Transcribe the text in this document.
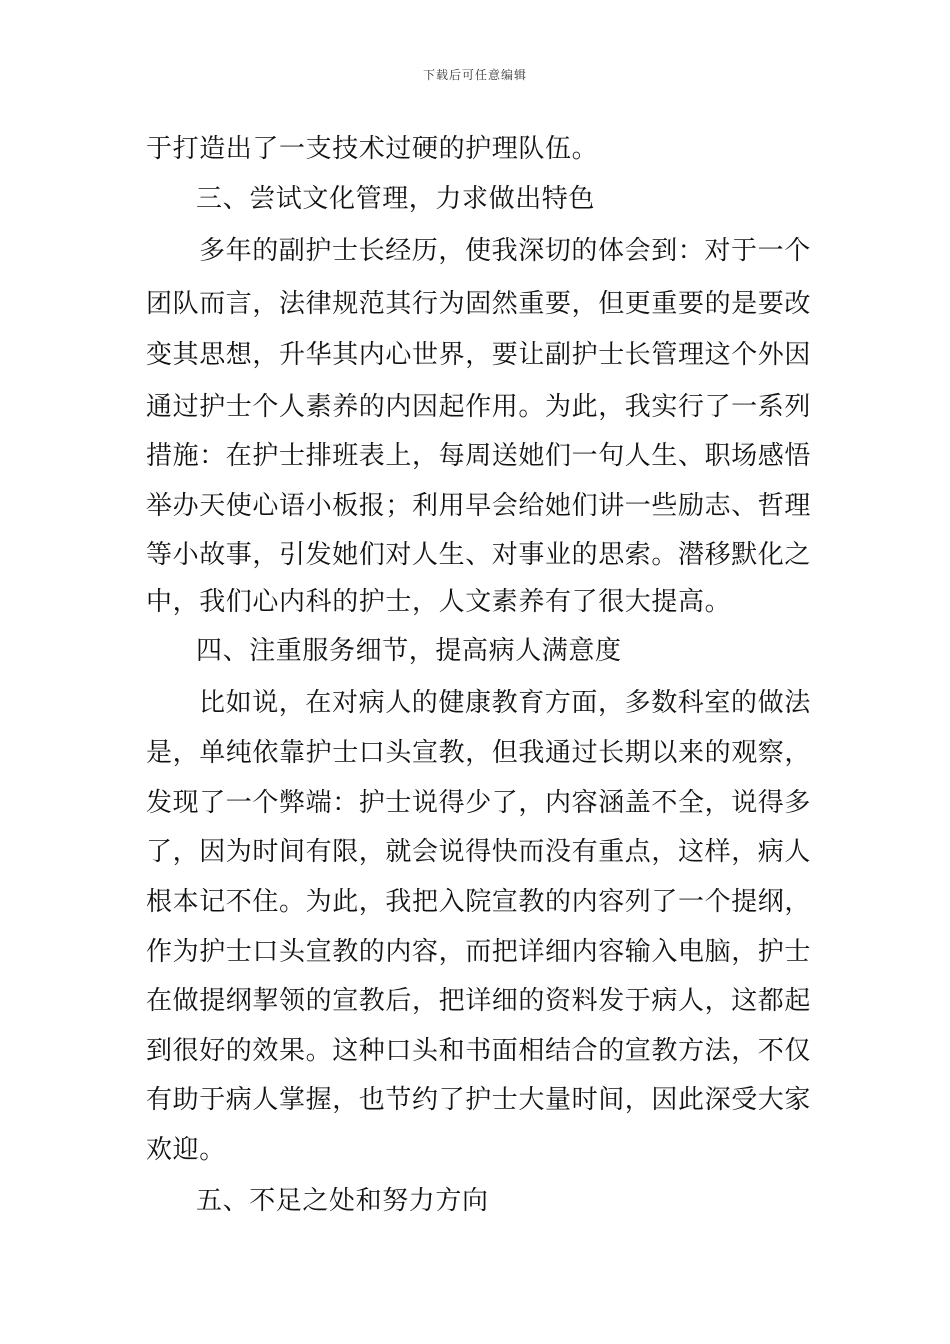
下载后可任意编辑
于打造出了一支技术过硬的护理队伍。
三、尝试文化管理，力求做出特色
多年的副护士长经历，使我深切的体会到：对于一个
团队而言，法律规范其行为固然重要，但更重要的是要改
变其思想，升华其内心世界，要让副护士长管理这个外因
通过护士个人素养的内因起作用。为此，我实行了一系列
措施：在护士排班表上，每周送她们一句人生、职场感悟
举办天使心语小板报；利用早会给她们讲一些励志、哲理
等小故事，引发她们对人生、对事业的思索。潜移默化之
中，我们心内科的护士，人文素养有了很大提高。
四、注重服务细节，提高病人满意度
比如说，在对病人的健康教育方面，多数科室的做法
是，单纯依靠护士口头宣教，但我通过长期以来的观察，
发现了一个弊端：护士说得少了，内容涵盖不全，说得多
了，因为时间有限，就会说得快而没有重点，这样，病人
根本记不住。为此，我把入院宣教的内容列了一个提纲，
作为护士口头宣教的内容，而把详细内容输入电脑，护士
在做提纲挈领的宣教后，把详细的资料发于病人，这都起
到很好的效果。这种口头和书面相结合的宣教方法，不仅
有助于病人掌握，也节约了护士大量时间，因此深受大家
欢迎。
五、不足之处和努力方向
